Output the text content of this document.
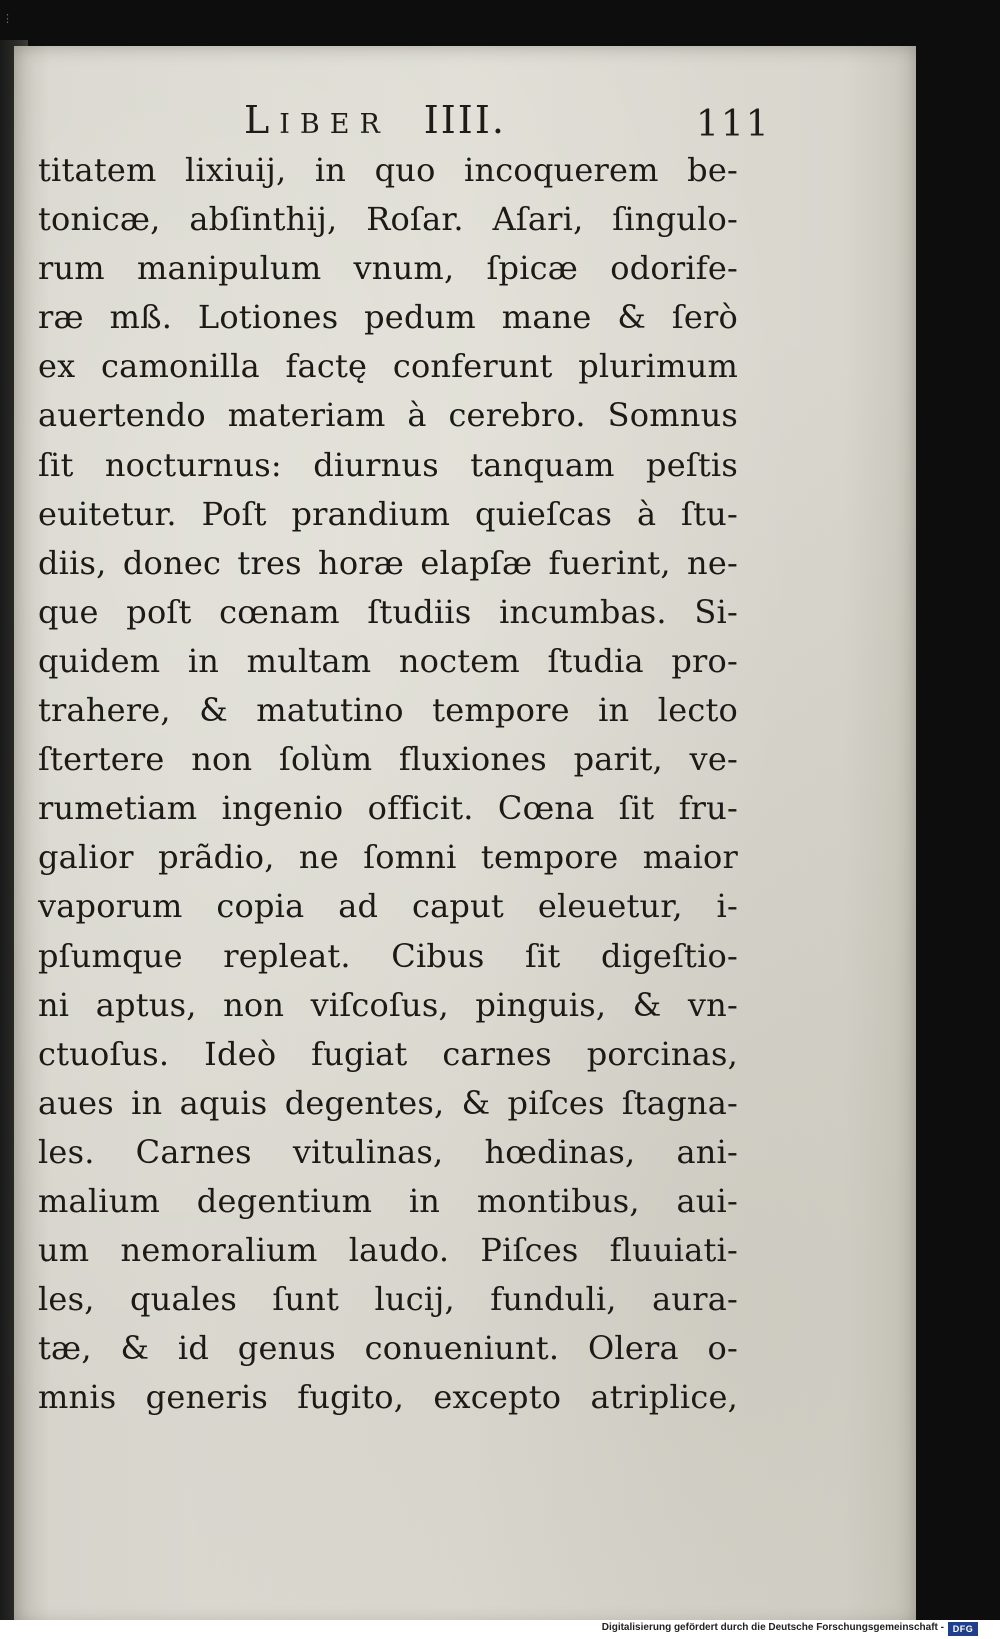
⋮
Liber IIII.	111
titatem lixiuij, in quo incoquerem be-
tonicæ, abſinthij, Roſar. Aſari, ſingulo-
rum manipulum vnum, ſpicæ odorife-
ræ mß. Lotiones pedum mane & ſerò
ex camonilla factę conferunt plurimum
auertendo materiam à cerebro. Somnus
ſit nocturnus: diurnus tanquam peſtis
euitetur. Poſt prandium quieſcas à ſtu-
diis, donec tres horæ elapſæ fuerint, ne-
que poſt cœnam ſtudiis incumbas. Si-
quidem in multam noctem ſtudia pro-
trahere, & matutino tempore in lecto
ſtertere non ſolùm fluxiones parit, ve-
rumetiam ingenio officit. Cœna ſit fru-
galior prãdio, ne ſomni tempore maior
vaporum copia ad caput eleuetur, i-
pſumque repleat. Cibus ſit digeſtio-
ni aptus, non viſcoſus, pinguis, & vn-
ctuoſus. Ideò fugiat carnes porcinas,
aues in aquis degentes, & piſces ſtagna-
les. Carnes vitulinas, hœdinas, ani-
malium degentium in montibus, aui-
um nemoralium laudo. Piſces fluuiati-
les, quales ſunt lucij, funduli, aura-
tæ, & id genus conueniunt. Olera o-
mnis generis fugito, excepto atriplice,
Digitalisierung gefördert durch die Deutsche Forschungsgemeinschaft - DFG
